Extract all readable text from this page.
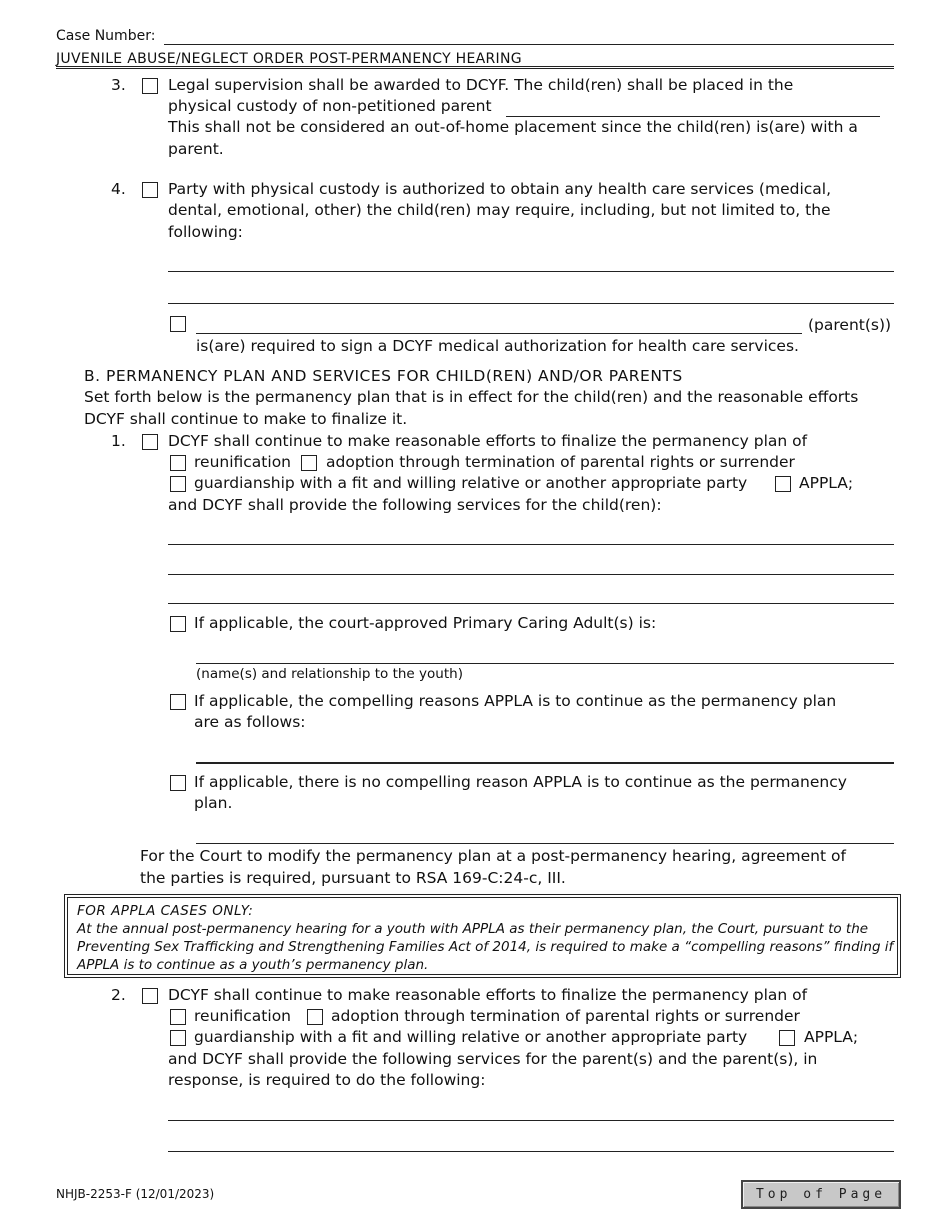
Case Number:
JUVENILE ABUSE/NEGLECT ORDER POST-PERMANENCY HEARING
3.	Legal supervision shall be awarded to DCYF. The child(ren) shall be placed in the
physical custody of non-petitioned parent
This shall not be considered an out-of-home placement since the child(ren) is(are) with a
parent.
4.	Party with physical custody is authorized to obtain any health care services (medical,
dental, emotional, other) the child(ren) may require, including, but not limited to, the
following:
(parent(s))
is(are) required to sign a DCYF medical authorization for health care services.
B. PERMANENCY PLAN AND SERVICES FOR CHILD(REN) AND/OR PARENTS
Set forth below is the permanency plan that is in effect for the child(ren) and the reasonable efforts
DCYF shall continue to make to finalize it.
1.	DCYF shall continue to make reasonable efforts to finalize the permanency plan of
reunification adoption through termination of parental rights or surrender
guardianship with a fit and willing relative or another appropriate party	APPLA;
and DCYF shall provide the following services for the child(ren):
If applicable, the court-approved Primary Caring Adult(s) is:
(name(s) and relationship to the youth)
If applicable, the compelling reasons APPLA is to continue as the permanency plan
are as follows:
If applicable, there is no compelling reason APPLA is to continue as the permanency
plan.
For the Court to modify the permanency plan at a post-permanency hearing, agreement of
the parties is required, pursuant to RSA 169-C:24-c, III.
FOR APPLA CASES ONLY:
At the annual post-permanency hearing for a youth with APPLA as their permanency plan, the Court, pursuant to the
Preventing Sex Trafficking and Strengthening Families Act of 2014, is required to make a “compelling reasons” finding if
APPLA is to continue as a youth’s permanency plan.
2.	DCYF shall continue to make reasonable efforts to finalize the permanency plan of
reunification	adoption through termination of parental rights or surrender
guardianship with a fit and willing relative or another appropriate party	APPLA;
and DCYF shall provide the following services for the parent(s) and the parent(s), in
response, is required to do the following:
NHJB-2253-F (12/01/2023)	Top of Page
